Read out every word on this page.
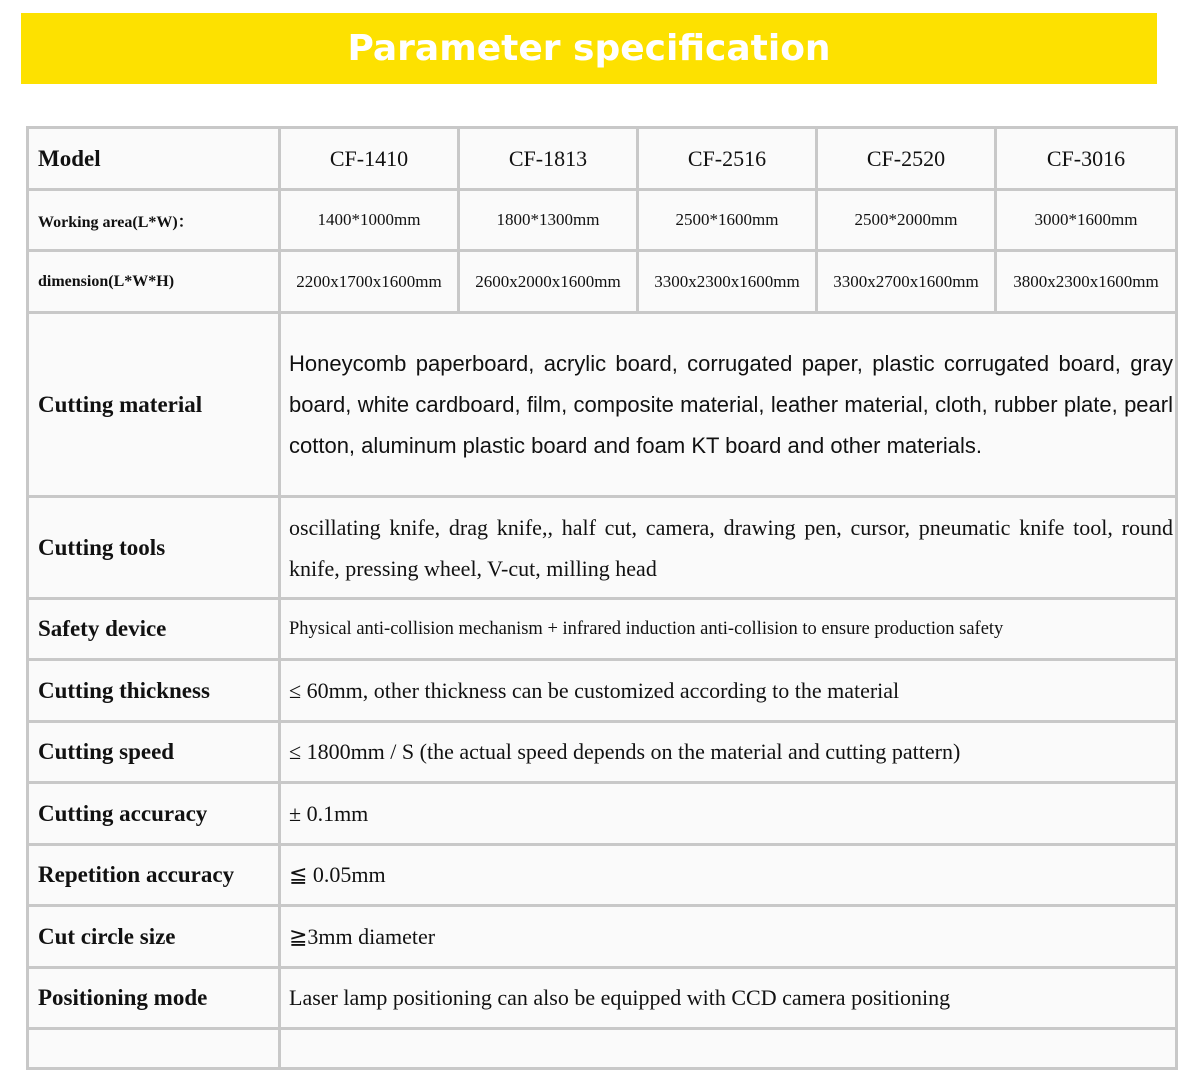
Parameter specification
Model	CF-1410	CF-1813	CF-2516	CF-2520	CF-3016
Working area(L*W)：	1400*1000mm	1800*1300mm	2500*1600mm	2500*2000mm	3000*1600mm
dimension(L*W*H)	2200x1700x1600mm	2600x2000x1600mm	3300x2300x1600mm	3300x2700x1600mm	3800x2300x1600mm
Cutting material	Honeycomb paperboard, acrylic board, corrugated paper, plastic corrugated board, gray board, white cardboard, film, composite material, leather material, cloth, rubber plate, pearl cotton, aluminum plastic board and foam KT board and other materials.				
Cutting tools	oscillating knife, drag knife,, half cut, camera, drawing pen, cursor, pneumatic knife tool, round knife, pressing wheel, V-cut, milling head				
Safety device	Physical anti-collision mechanism + infrared induction anti-collision to ensure production safety				
Cutting thickness	≤ 60mm, other thickness can be customized according to the material				
Cutting speed	≤ 1800mm / S (the actual speed depends on the material and cutting pattern)				
Cutting accuracy	± 0.1mm				
Repetition accuracy	≦ 0.05mm				
Cut circle size	≧3mm diameter				
Positioning mode	Laser lamp positioning can also be equipped with CCD camera positioning				
